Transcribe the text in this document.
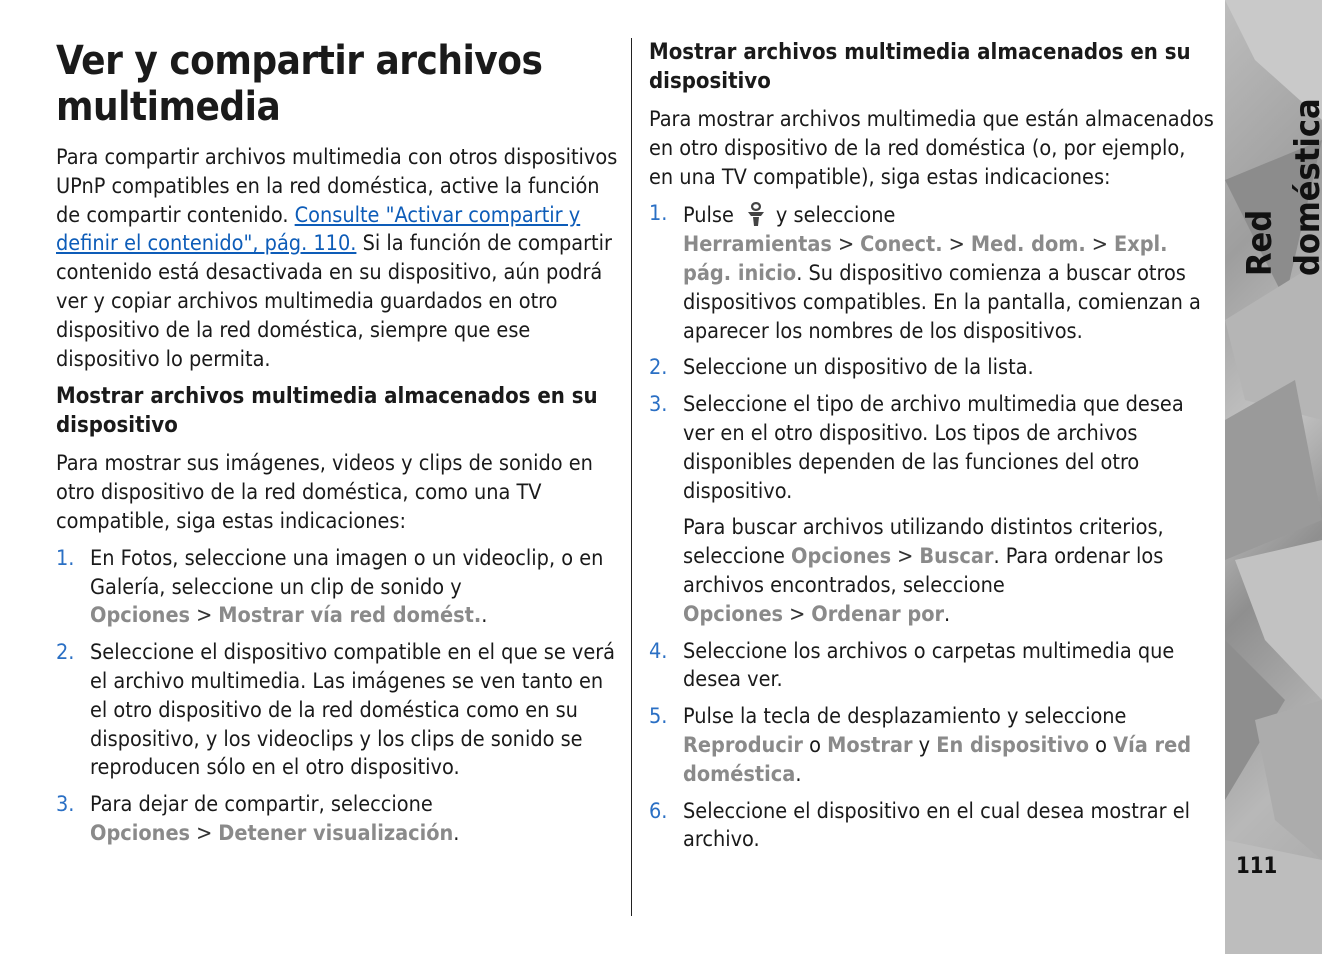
Ver y compartir archivos multimedia

Para compartir archivos multimedia con otros dispositivos UPnP compatibles en la red doméstica, active la función de compartir contenido. Consulte "Activar compartir y definir el contenido", pág. 110. Si la función de compartir contenido está desactivada en su dispositivo, aún podrá ver y copiar archivos multimedia guardados en otro dispositivo de la red doméstica, siempre que ese dispositivo lo permita.

Mostrar archivos multimedia almacenados en su dispositivo

Para mostrar sus imágenes, videos y clips de sonido en otro dispositivo de la red doméstica, como una TV compatible, siga estas indicaciones:

1. En Fotos, seleccione una imagen o un videoclip, o en Galería, seleccione un clip de sonido y Opciones > Mostrar vía red domést..
2. Seleccione el dispositivo compatible en el que se verá el archivo multimedia. Las imágenes se ven tanto en el otro dispositivo de la red doméstica como en su dispositivo, y los videoclips y los clips de sonido se reproducen sólo en el otro dispositivo.
3. Para dejar de compartir, seleccione Opciones > Detener visualización.
Mostrar archivos multimedia almacenados en su dispositivo

Para mostrar archivos multimedia que están almacenados en otro dispositivo de la red doméstica (o, por ejemplo, en una TV compatible), siga estas indicaciones:

1. Pulse y seleccione Herramientas > Conect. > Med. dom. > Expl. pág. inicio. Su dispositivo comienza a buscar otros dispositivos compatibles. En la pantalla, comienzan a aparecer los nombres de los dispositivos.
2. Seleccione un dispositivo de la lista.
3. Seleccione el tipo de archivo multimedia que desea ver en el otro dispositivo. Los tipos de archivos disponibles dependen de las funciones del otro dispositivo.

Para buscar archivos utilizando distintos criterios, seleccione Opciones > Buscar. Para ordenar los archivos encontrados, seleccione Opciones > Ordenar por.

4. Seleccione los archivos o carpetas multimedia que desea ver.
5. Pulse la tecla de desplazamiento y seleccione Reproducir o Mostrar y En dispositivo o Vía red doméstica.
6. Seleccione el dispositivo en el cual desea mostrar el archivo.
Red doméstica
111
